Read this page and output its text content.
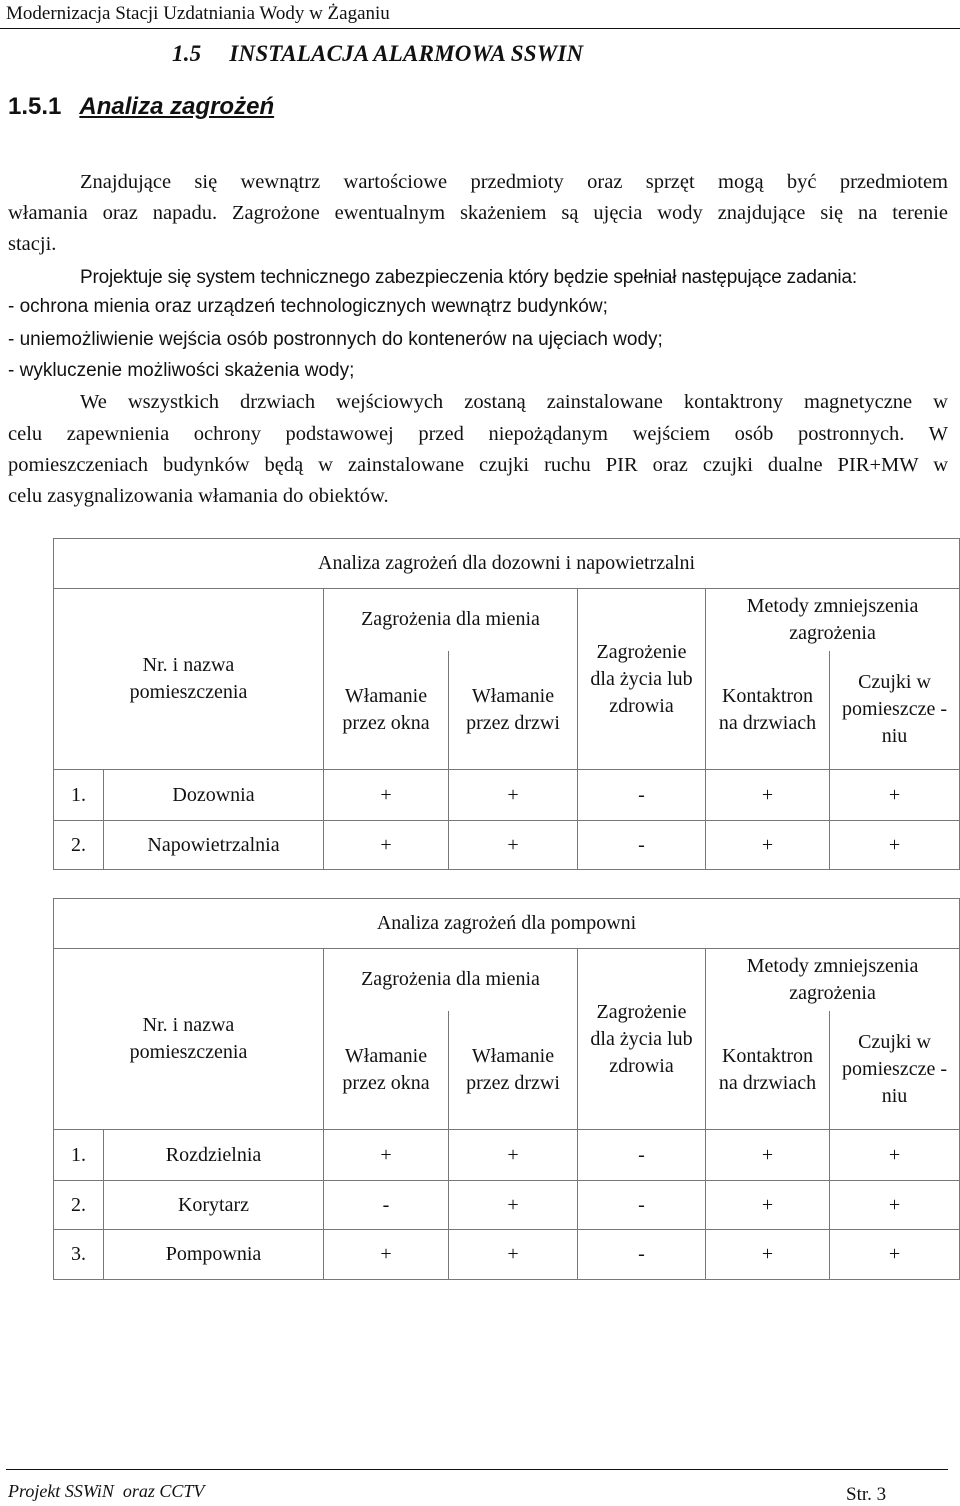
Modernizacja Stacji Uzdatniania Wody w Żaganiu
1.5 INSTALACJA ALARMOWA SSWIN
1.5.1 Analiza zagrożeń
Znajdujące się wewnątrz wartościowe przedmioty oraz sprzęt mogą być przedmiotem
włamania oraz napadu. Zagrożone ewentualnym skażeniem są ujęcia wody znajdujące się na terenie
stacji.
Projektuje się system technicznego zabezpieczenia który będzie spełniał następujące zadania:
- ochrona mienia oraz urządzeń technologicznych wewnątrz budynków;
- uniemożliwienie wejścia osób postronnych do kontenerów na ujęciach wody;
- wykluczenie możliwości skażenia wody;
We wszystkich drzwiach wejściowych zostaną zainstalowane kontaktrony magnetyczne w
celu zapewnienia ochrony podstawowej przed niepożądanym wejściem osób postronnych. W
pomieszczeniach budynków będą w zainstalowane czujki ruchu PIR oraz czujki dualne PIR+MW w
celu zasygnalizowania włamania do obiektów.
Analiza zagrożeń dla dozowni i napowietrzalni						
Nr. i nazwa pomieszczenia		Zagrożenia dla mienia		Zagrożenie dla życia lub zdrowia	Metody zmniejszenia zagrożenia	
		Włamanie przez okna	Włamanie przez drzwi		Kontaktron na drzwiach	Czujki w pomieszcze -niu
1.	Dozownia	+	+	-	+	+
2.	Napowietrzalnia	+	+	-	+	+
Analiza zagrożeń dla pompowni						
Nr. i nazwa pomieszczenia		Zagrożenia dla mienia		Zagrożenie dla życia lub zdrowia	Metody zmniejszenia zagrożenia	
		Włamanie przez okna	Włamanie przez drzwi		Kontaktron na drzwiach	Czujki w pomieszcze -niu
1.	Rozdzielnia	+	+	-	+	+
2.	Korytarz	-	+	-	+	+
3.	Pompownia	+	+	-	+	+
Projekt SSWiN  oraz CCTV	Str. 3
